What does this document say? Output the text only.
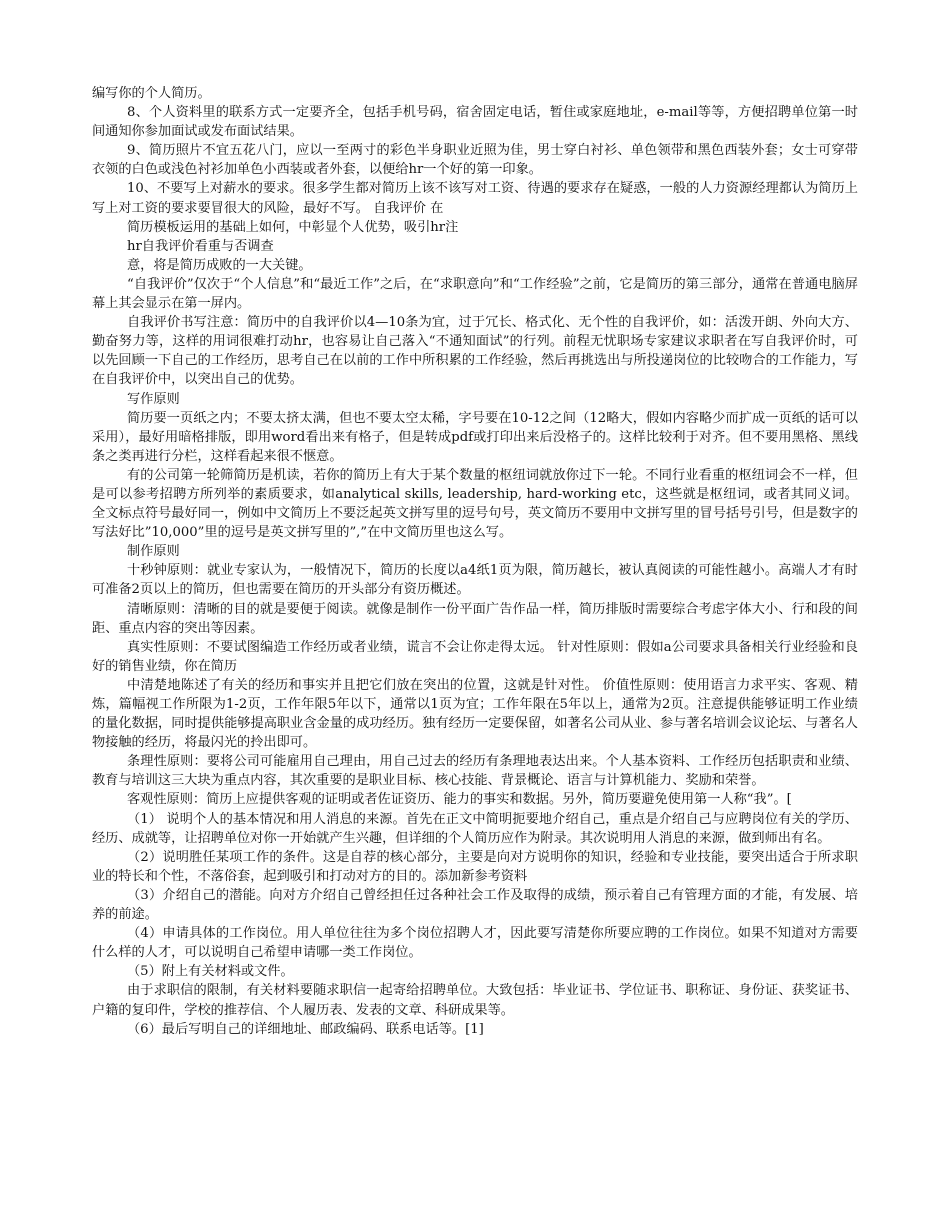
编写你的个人简历。

8、个人资料里的联系方式一定要齐全，包括手机号码，宿舍固定电话，暂住或家庭地址，e-mail等等，方便招聘单位第一时间通知你参加面试或发布面试结果。

9、简历照片不宜五花八门，应以一至两寸的彩色半身职业近照为佳，男士穿白衬衫、单色领带和黑色西装外套；女士可穿带衣领的白色或浅色衬衫加单色小西装或者外套，以便给hr一个好的第一印象。

10、不要写上对薪水的要求。很多学生都对简历上该不该写对工资、待遇的要求存在疑惑，一般的人力资源经理都认为简历上写上对工资的要求要冒很大的风险，最好不写。 自我评价 在

简历模板运用的基础上如何，中彰显个人优势，吸引hr注

hr自我评价看重与否调查

意，将是简历成败的一大关键。

“自我评价”仅次于“个人信息”和“最近工作”之后，在“求职意向”和“工作经验”之前，它是简历的第三部分，通常在普通电脑屏幕上其会显示在第一屏内。

自我评价书写注意：简历中的自我评价以4—10条为宜，过于冗长、格式化、无个性的自我评价，如：活泼开朗、外向大方、勤奋努力等，这样的用词很难打动hr，也容易让自己落入“不通知面试”的行列。前程无忧职场专家建议求职者在写自我评价时，可以先回顾一下自己的工作经历，思考自己在以前的工作中所积累的工作经验，然后再挑选出与所投递岗位的比较吻合的工作能力，写在自我评价中，以突出自己的优势。

写作原则

简历要一页纸之内；不要太挤太满，但也不要太空太稀，字号要在10-12之间（12略大，假如内容略少而扩成一页纸的话可以采用），最好用暗格排版，即用word看出来有格子，但是转成pdf或打印出来后没格子的。这样比较利于对齐。但不要用黑格、黑线条之类再进行分栏，这样看起来很不惬意。

有的公司第一轮筛简历是机读，若你的简历上有大于某个数量的枢纽词就放你过下一轮。不同行业看重的枢纽词会不一样，但是可以参考招聘方所列举的素质要求，如analytical skills, leadership, hard-working etc，这些就是枢纽词，或者其同义词。 全文标点符号最好同一，例如中文简历上不要泛起英文拼写里的逗号句号，英文简历不要用中文拼写里的冒号括号引号，但是数字的写法好比”10,000”里的逗号是英文拼写里的”,”在中文简历里也这么写。

制作原则

十秒钟原则：就业专家认为，一般情况下，简历的长度以a4纸1页为限，简历越长，被认真阅读的可能性越小。高端人才有时可准备2页以上的简历，但也需要在简历的开头部分有资历概述。

清晰原则：清晰的目的就是要便于阅读。就像是制作一份平面广告作品一样，简历排版时需要综合考虑字体大小、行和段的间距、重点内容的突出等因素。

真实性原则：不要试图编造工作经历或者业绩，谎言不会让你走得太远。 针对性原则：假如a公司要求具备相关行业经验和良好的销售业绩，你在简历

中清楚地陈述了有关的经历和事实并且把它们放在突出的位置，这就是针对性。 价值性原则：使用语言力求平实、客观、精炼，篇幅视工作所限为1-2页，工作年限5年以下，通常以1页为宜；工作年限在5年以上，通常为2页。注意提供能够证明工作业绩的量化数据，同时提供能够提高职业含金量的成功经历。独有经历一定要保留，如著名公司从业、参与著名培训会议论坛、与著名人物接触的经历，将最闪光的拎出即可。

条理性原则：要将公司可能雇用自己理由，用自己过去的经历有条理地表达出来。个人基本资料、工作经历包括职责和业绩、教育与培训这三大块为重点内容，其次重要的是职业目标、核心技能、背景概论、语言与计算机能力、奖励和荣誉。

客观性原则：简历上应提供客观的证明或者佐证资历、能力的事实和数据。另外，简历要避免使用第一人称“我”。[

（1） 说明个人的基本情况和用人消息的来源。首先在正文中简明扼要地介绍自己，重点是介绍自己与应聘岗位有关的学历、经历、成就等，让招聘单位对你一开始就产生兴趣，但详细的个人简历应作为附录。其次说明用人消息的来源，做到师出有名。

（2）说明胜任某项工作的条件。这是自荐的核心部分，主要是向对方说明你的知识，经验和专业技能，要突出适合于所求职业的特长和个性，不落俗套，起到吸引和打动对方的目的。添加新参考资料

（3）介绍自己的潜能。向对方介绍自己曾经担任过各种社会工作及取得的成绩，预示着自己有管理方面的才能，有发展、培养的前途。

（4）申请具体的工作岗位。用人单位往往为多个岗位招聘人才，因此要写清楚你所要应聘的工作岗位。如果不知道对方需要什么样的人才，可以说明自己希望申请哪一类工作岗位。

（5）附上有关材料或文件。

由于求职信的限制，有关材料要随求职信一起寄给招聘单位。大致包括：毕业证书、学位证书、职称证、身份证、获奖证书、户籍的复印件，学校的推荐信、个人履历表、发表的文章、科研成果等。

（6）最后写明自己的详细地址、邮政编码、联系电话等。[1]
